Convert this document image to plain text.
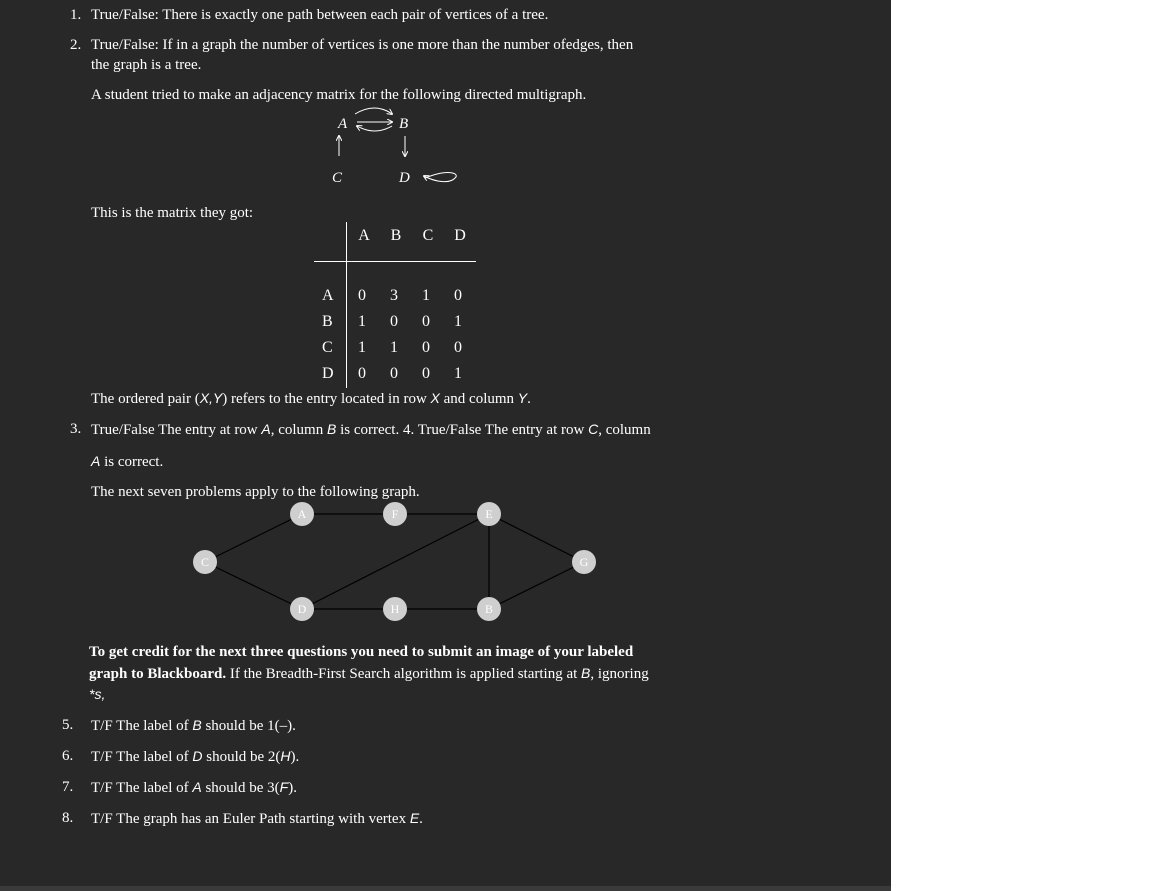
1. True/False: There is exactly one path between each pair of vertices of a tree.
2. True/False: If in a graph the number of vertices is one more than the number ofedges, then
the graph is a tree.
A student tried to make an adjacency matrix for the following directed multigraph.
A	B
C	D
This is the matrix they got:
A	B	C	D
A	0	3	1	0
B	1	0	0	1
C	1	1	0	0
D	0	0	0	1
The ordered pair (X,Y) refers to the entry located in row X and column Y.
3. True/False The entry at row A, column B is correct. 4. True/False The entry at row C, column
A is correct.
The next seven problems apply to the following graph.
A	F	E
C	G
D	H	B
To get credit for the next three questions you need to submit an image of your labeled
graph to Blackboard. If the Breadth-First Search algorithm is applied starting at B, ignoring
*s,
5. T/F The label of B should be 1(–).
6. T/F The label of D should be 2(H).
7. T/F The label of A should be 3(F).
8. T/F The graph has an Euler Path starting with vertex E.
